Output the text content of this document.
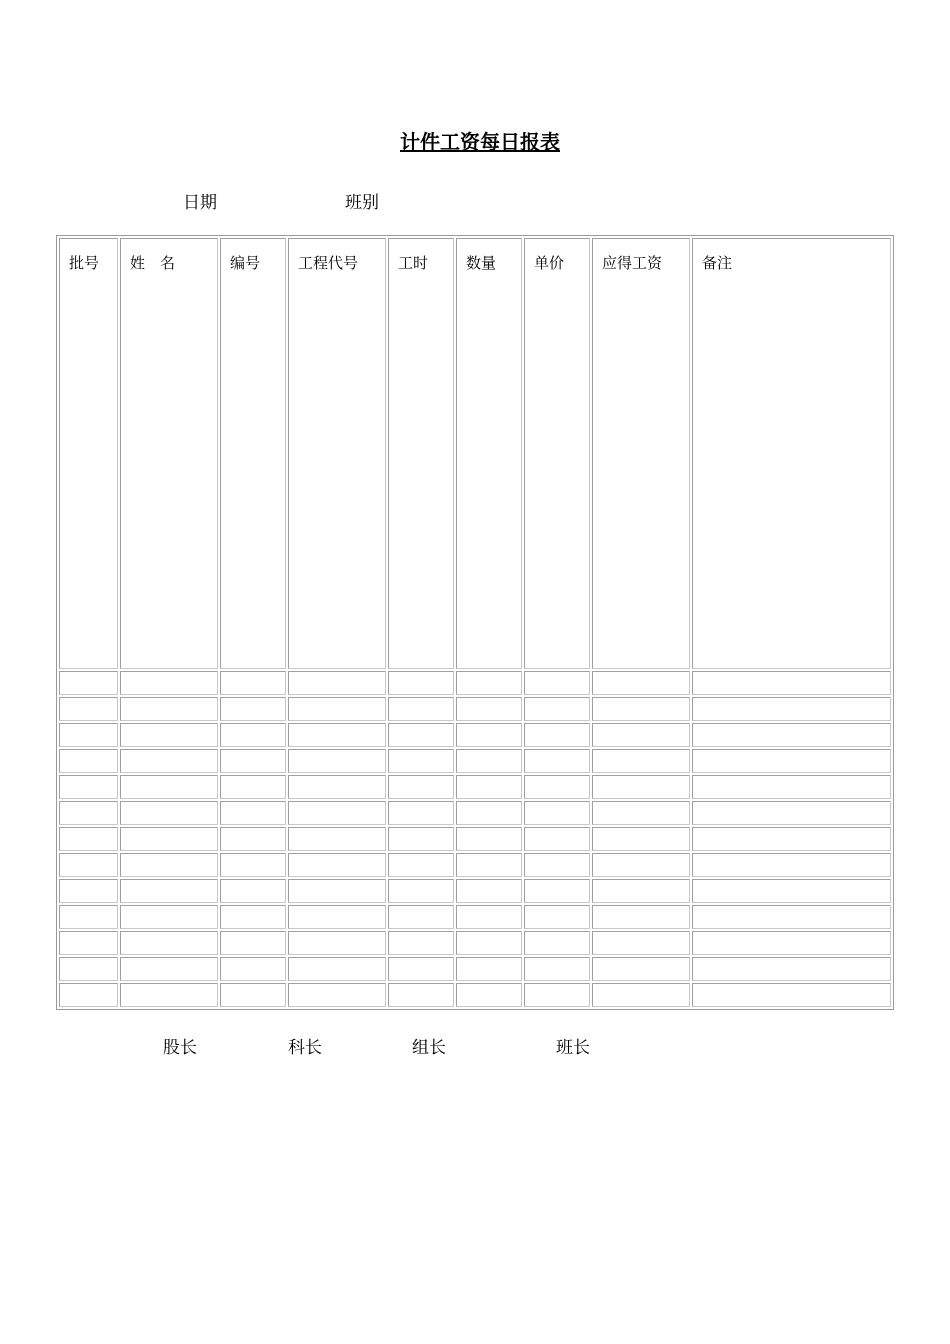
计件工资每日报表
日期	班别
批号	姓　名	编号	工程代号	工时	数量	单价	应得工资	备注

股长	科长	组长	班长
